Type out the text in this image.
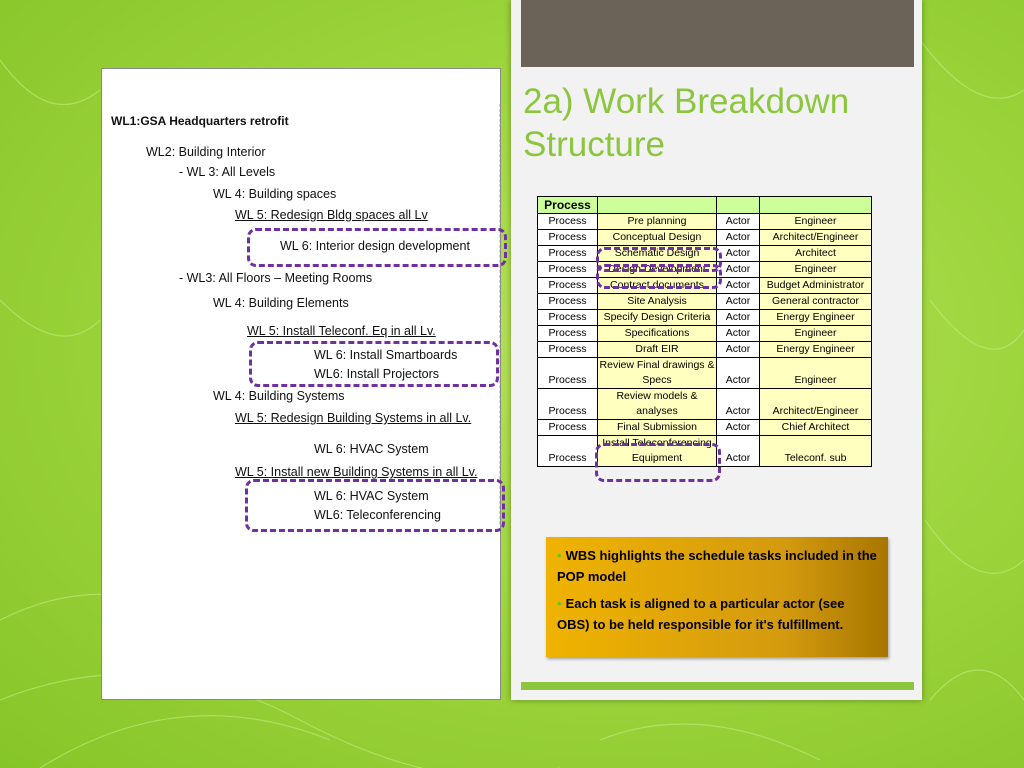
2a) Work Breakdown
Structure
WL1:GSA Headquarters retrofit
WL2: Building Interior
- WL 3: All Levels
WL 4: Building spaces
WL 5: Redesign Bldg spaces all Lv
WL 6: Interior design development
- WL3: All Floors – Meeting Rooms
WL 4: Building Elements
WL 5: Install Teleconf. Eq in all Lv.
WL 6: Install Smartboards
WL6: Install Projectors
WL 4: Building Systems
WL 5: Redesign Building Systems in all Lv.
WL 6: HVAC System
WL 5: Install new Building Systems in all Lv.
WL 6: HVAC System
WL6: Teleconferencing
Process			
Process	Pre planning	Actor	Engineer
Process	Conceptual Design	Actor	Architect/Engineer
Process	Schematic Design	Actor	Architect
Process	Design Development	Actor	Engineer
Process	Contract documents	Actor	Budget Administrator
Process	Site Analysis	Actor	General contractor
Process	Specify Design Criteria	Actor	Energy Engineer
Process	Specifications	Actor	Engineer
Process	Draft EIR	Actor	Energy Engineer
Process	Review Final drawings & Specs	Actor	Engineer
Process	Review models & analyses	Actor	Architect/Engineer
Process	Final Submission	Actor	Chief Architect
Process	Install Teleconferencing Equipment	Actor	Teleconf. sub

• WBS highlights the schedule tasks included in the POP model

• Each task is aligned to a particular actor (see OBS) to be held responsible for it's fulfillment.
